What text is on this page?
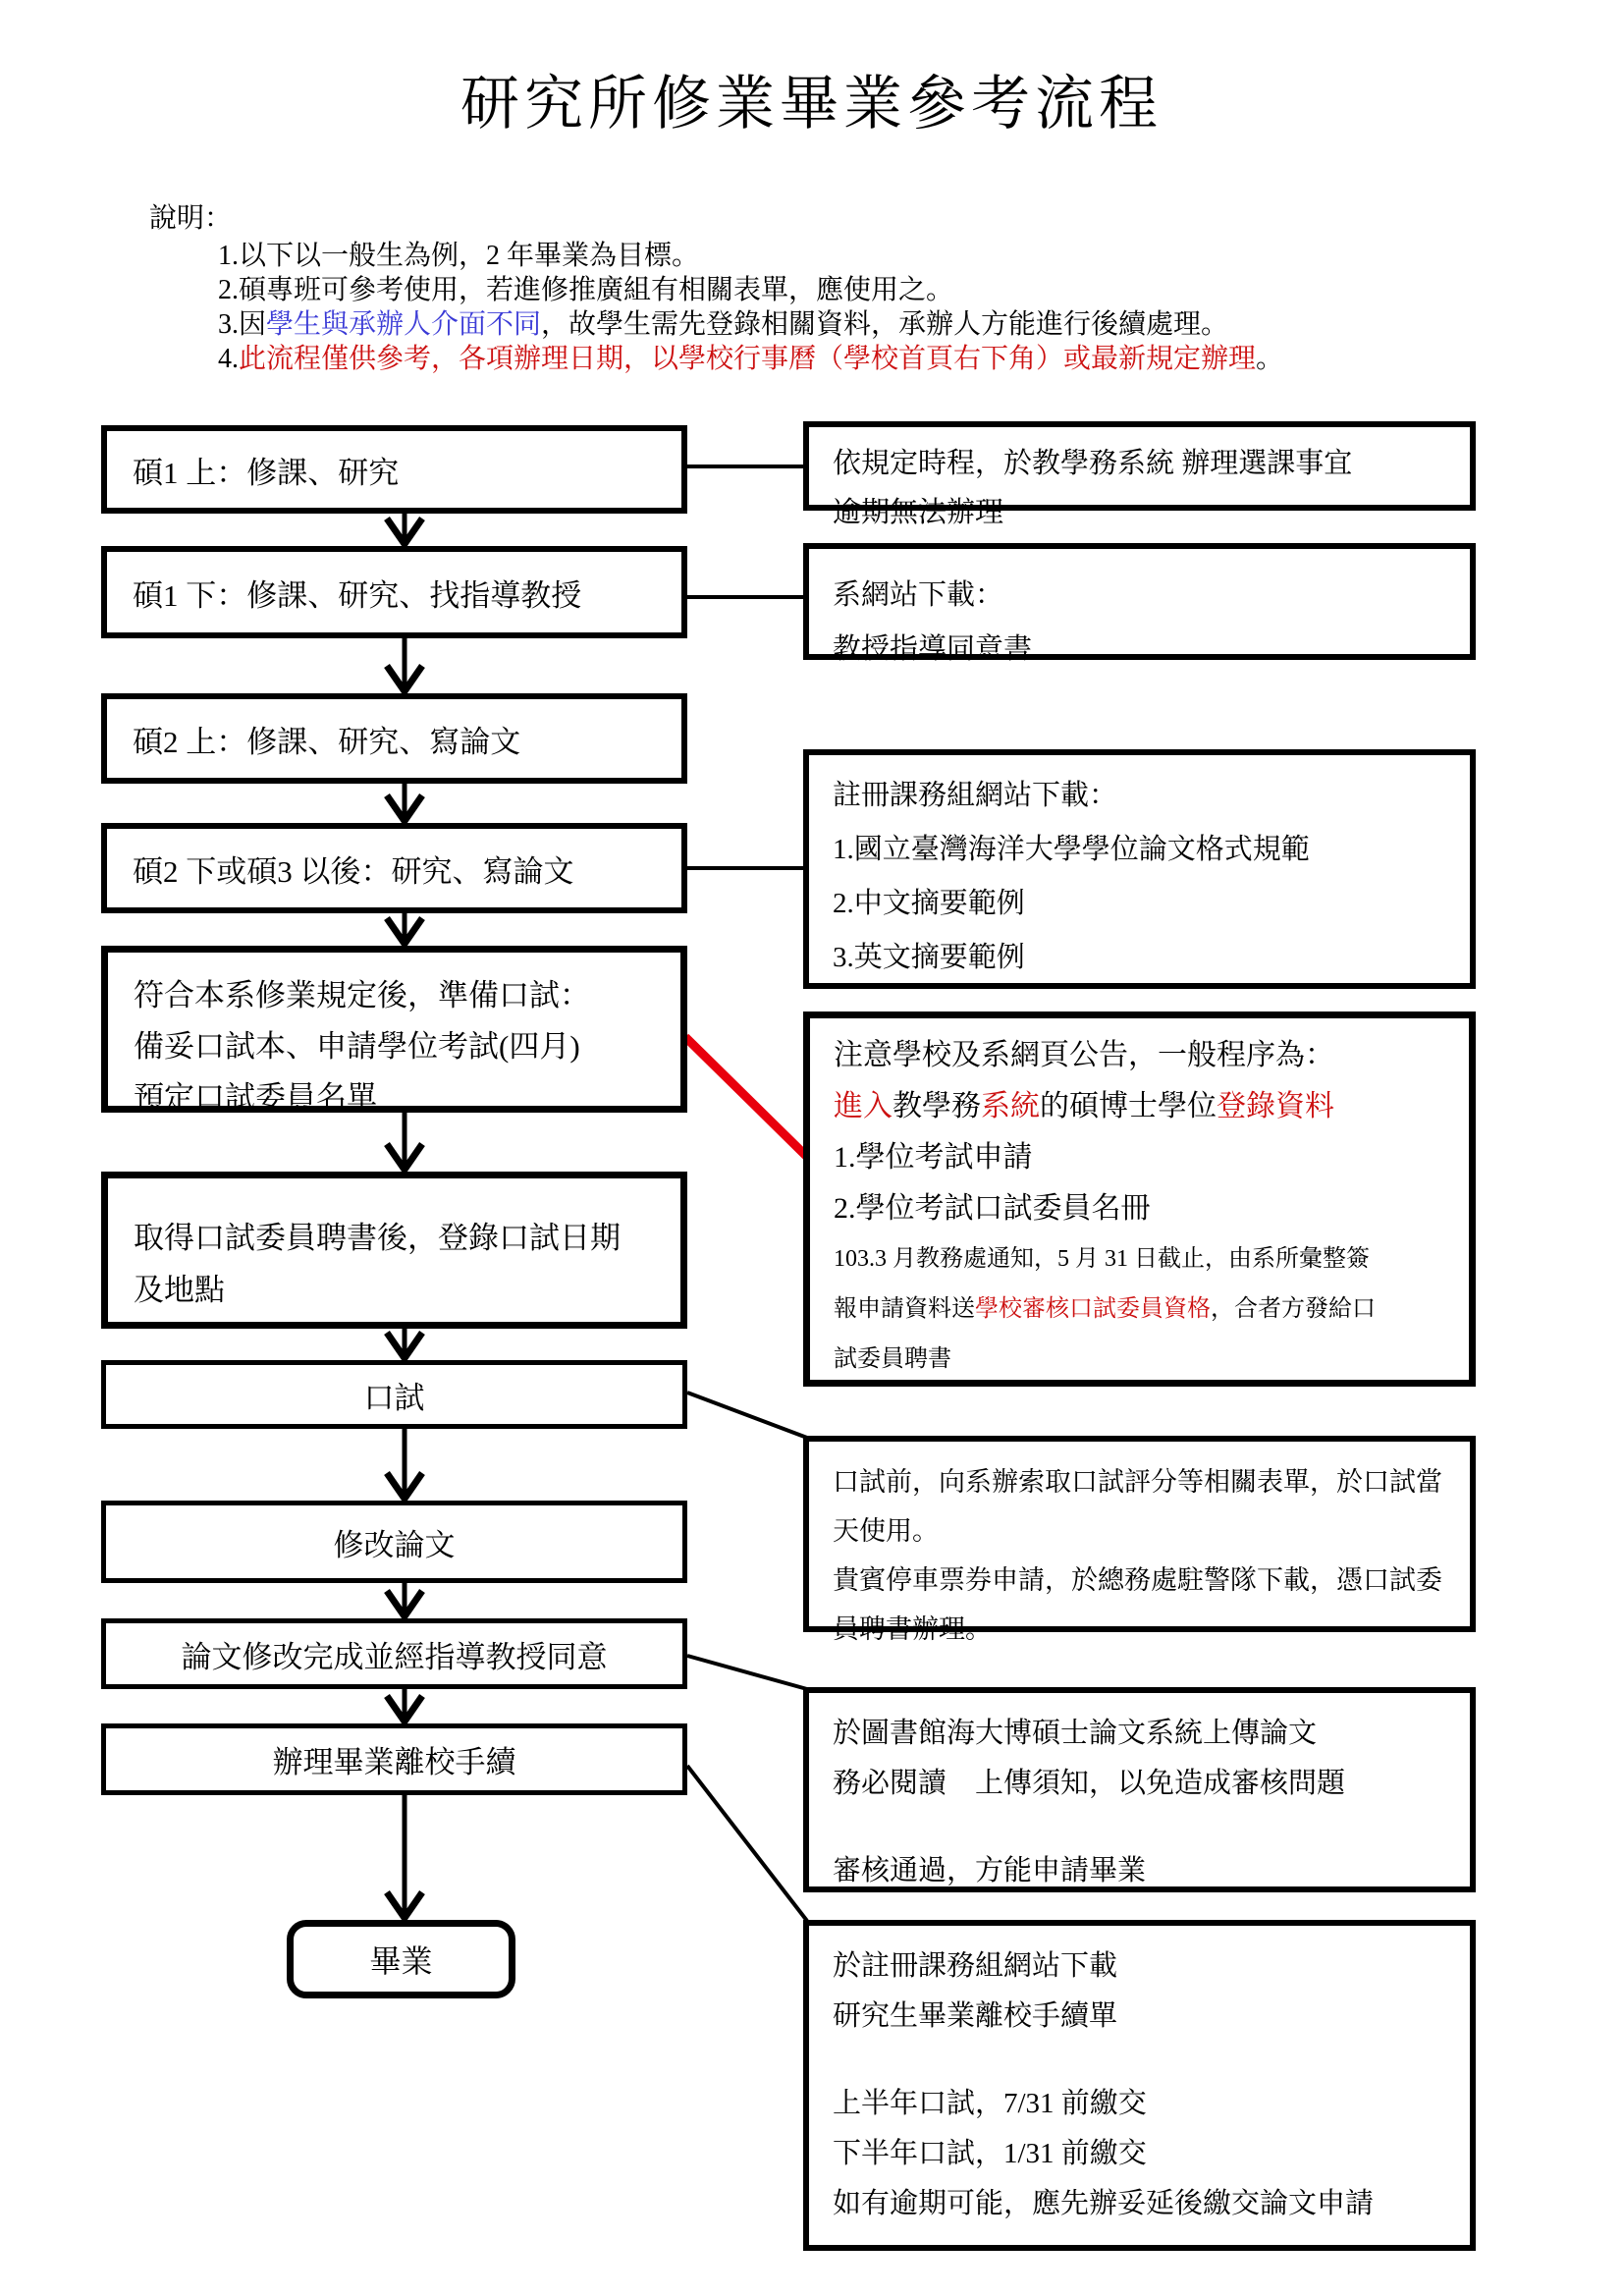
研究所修業畢業參考流程
說明：
1.以下以一般生為例，2 年畢業為目標。
2.碩專班可參考使用，若進修推廣組有相關表單，應使用之。
3.因學生與承辦人介面不同，故學生需先登錄相關資料，承辦人方能進行後續處理。
4.此流程僅供參考，各項辦理日期，以學校行事曆（學校首頁右下角）或最新規定辦理。
碩1 上：修課、研究
碩1 下：修課、研究、找指導教授
碩2 上：修課、研究、寫論文
碩2 下或碩3 以後：研究、寫論文
符合本系修業規定後，準備口試：
備妥口試本、申請學位考試(四月)
預定口試委員名單
取得口試委員聘書後，登錄口試日期
及地點
口試
修改論文
論文修改完成並經指導教授同意
辦理畢業離校手續
畢業
依規定時程，於教學務系統 辦理選課事宜
逾期無法辦理
系網站下載：
教授指導同意書
註冊課務組網站下載：
1.國立臺灣海洋大學學位論文格式規範
2.中文摘要範例
3.英文摘要範例
注意學校及系網頁公告，一般程序為：
進入教學務系統的碩博士學位登錄資料
1.學位考試申請
2.學位考試口試委員名冊
103.3 月教務處通知，5 月 31 日截止，由系所彙整簽
報申請資料送學校審核口試委員資格，合者方發給口
試委員聘書
口試前，向系辦索取口試評分等相關表單，於口試當
天使用。
貴賓停車票券申請，於總務處駐警隊下載，憑口試委
員聘書辦理。
於圖書館海大博碩士論文系統上傳論文
務必閱讀　上傳須知，以免造成審核問題
審核通過，方能申請畢業
於註冊課務組網站下載
研究生畢業離校手續單
上半年口試，7/31 前繳交
下半年口試，1/31 前繳交
如有逾期可能，應先辦妥延後繳交論文申請
